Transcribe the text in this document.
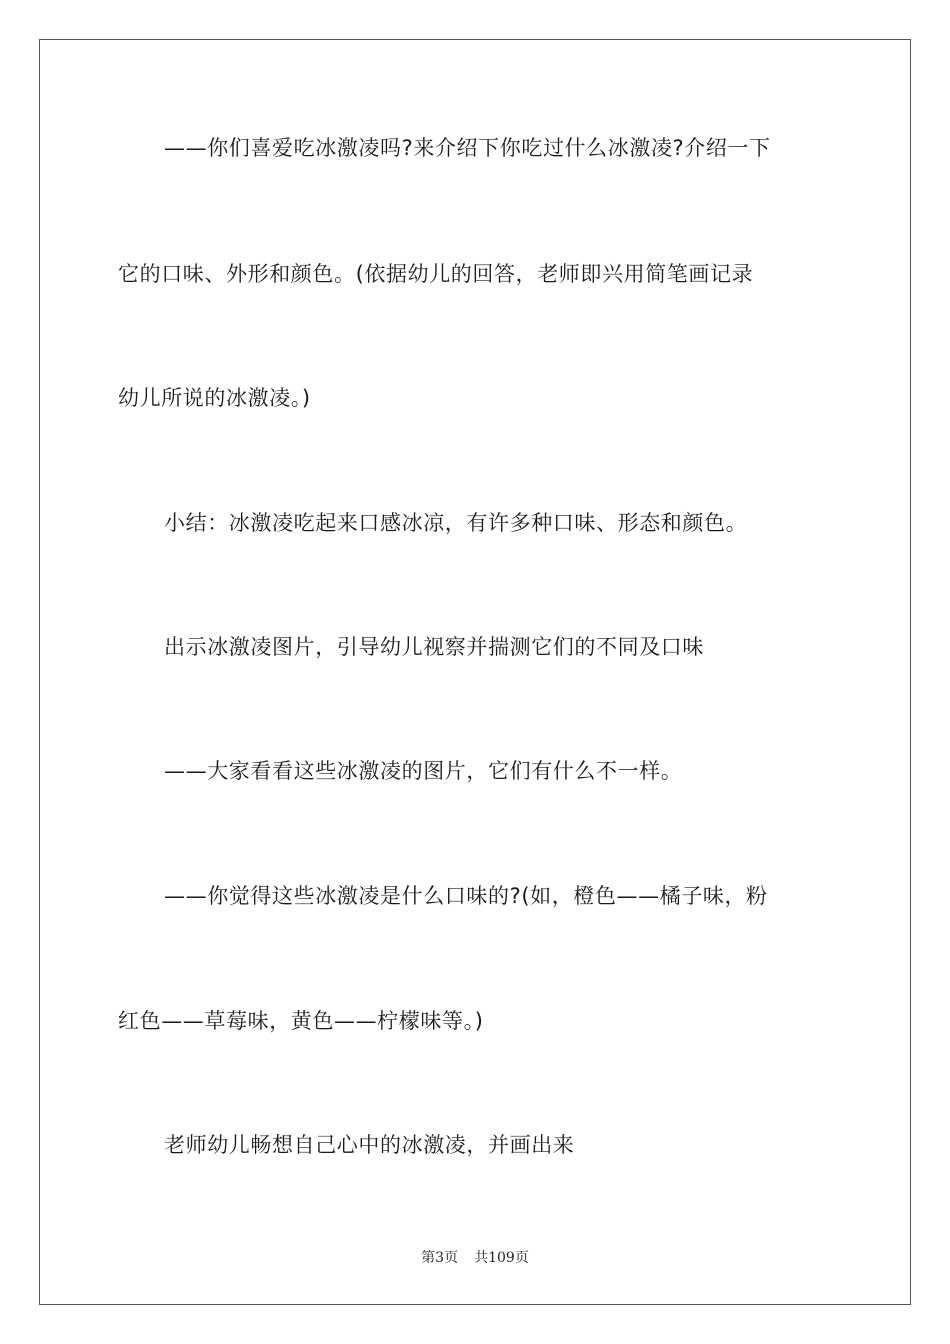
——你们喜爱吃冰激凌吗?来介绍下你吃过什么冰激凌?介绍一下
它的口味、外形和颜色。(依据幼儿的回答，老师即兴用简笔画记录
幼儿所说的冰激凌。)
小结：冰激凌吃起来口感冰凉，有许多种口味、形态和颜色。
出示冰激凌图片，引导幼儿视察并揣测它们的不同及口味
——大家看看这些冰激凌的图片，它们有什么不一样。
——你觉得这些冰激凌是什么口味的?(如，橙色——橘子味，粉
红色——草莓味，黄色——柠檬味等。)
老师幼儿畅想自己心中的冰激凌，并画出来
第3页 共109页
